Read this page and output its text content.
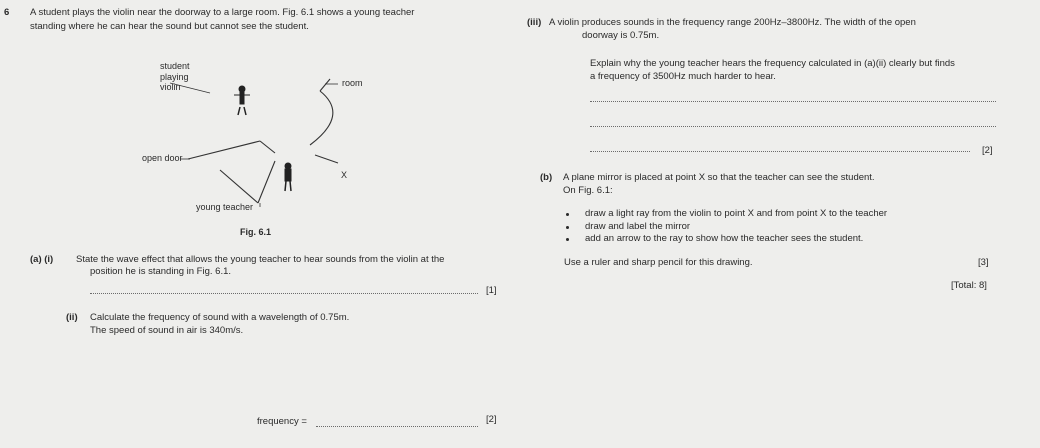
6 A student plays the violin near the doorway to a large room. Fig. 6.1 shows a young teacher
standing where he can hear the sound but cannot see the student.
student
playing
violin	room
open door
X
young teacher
Fig. 6.1
(a) (i) State the wave effect that allows the young teacher to hear sounds from the violin at the
position he is standing in Fig. 6.1.
[1]
(ii) Calculate the frequency of sound with a wavelength of 0.75m.
The speed of sound in air is 340m/s.
frequency =	[2]
(iii) A violin produces sounds in the frequency range 200Hz–3800Hz. The width of the open
doorway is 0.75m.
Explain why the young teacher hears the frequency calculated in (a)(ii) clearly but finds
a frequency of 3500Hz much harder to hear.
[2]
(b) A plane mirror is placed at point X so that the teacher can see the student.
On Fig. 6.1:
draw a light ray from the violin to point X and from point X to the teacher
draw and label the mirror
add an arrow to the ray to show how the teacher sees the student.
Use a ruler and sharp pencil for this drawing.	[3]
[Total: 8]
